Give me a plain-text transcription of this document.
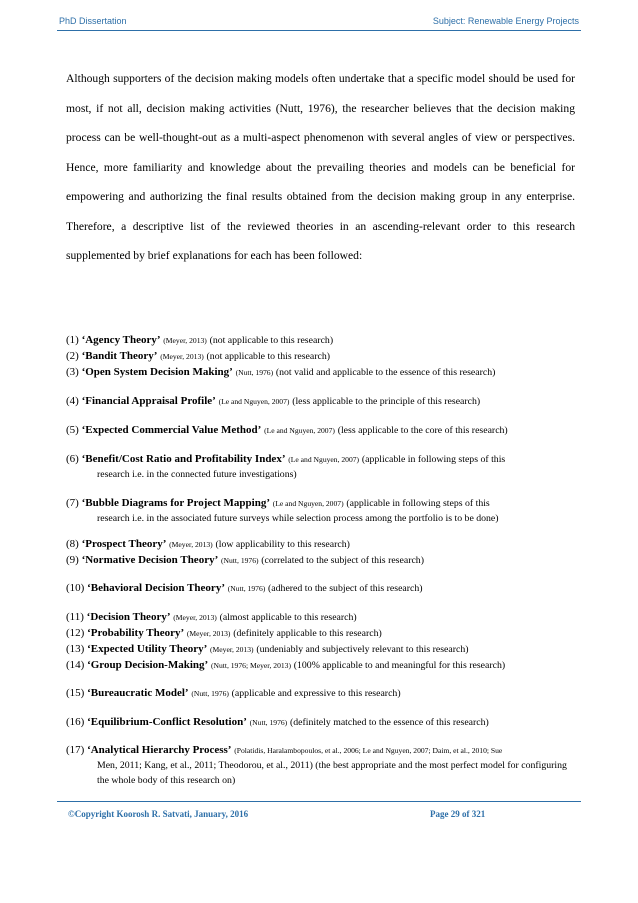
PhD Dissertation	Subject: Renewable Energy Projects

Although supporters of the decision making models often undertake that a specific model should be used for most, if not all, decision making activities (Nutt, 1976), the researcher believes that the decision making process can be well-thought-out as a multi-aspect phenomenon with several angles of view or perspectives. Hence, more familiarity and knowledge about the prevailing theories and models can be beneficial for empowering and authorizing the final results obtained from the decision making group in any enterprise. Therefore, a descriptive list of the reviewed theories in an ascending-relevant order to this research supplemented by brief explanations for each has been followed:

(1) ‘Agency Theory’ (Meyer, 2013) (not applicable to this research)
(2) ‘Bandit Theory’ (Meyer, 2013) (not applicable to this research)
(3) ‘Open System Decision Making’ (Nutt, 1976) (not valid and applicable to the essence of this research)
(4) ‘Financial Appraisal Profile’ (Le and Nguyen, 2007) (less applicable to the principle of this research)
(5) ‘Expected Commercial Value Method’ (Le and Nguyen, 2007) (less applicable to the core of this research)
(6) ‘Benefit/Cost Ratio and Profitability Index’ (Le and Nguyen, 2007) (applicable in following steps of this
research i.e. in the connected future investigations)
(7) ‘Bubble Diagrams for Project Mapping’ (Le and Nguyen, 2007) (applicable in following steps of this
research i.e. in the associated future surveys while selection process among the portfolio is to be done)
(8) ‘Prospect Theory’ (Meyer, 2013) (low applicability to this research)
(9) ‘Normative Decision Theory’ (Nutt, 1976) (correlated to the subject of this research)
(10) ‘Behavioral Decision Theory’ (Nutt, 1976) (adhered to the subject of this research)
(11) ‘Decision Theory’ (Meyer, 2013) (almost applicable to this research)
(12) ‘Probability Theory’ (Meyer, 2013) (definitely applicable to this research)
(13) ‘Expected Utility Theory’ (Meyer, 2013) (undeniably and subjectively relevant to this research)
(14) ‘Group Decision-Making’ (Nutt, 1976; Meyer, 2013) (100% applicable to and meaningful for this research)
(15) ‘Bureaucratic Model’ (Nutt, 1976) (applicable and expressive to this research)
(16) ‘Equilibrium-Conflict Resolution’ (Nutt, 1976) (definitely matched to the essence of this research)
(17) ‘Analytical Hierarchy Process’ (Polatidis, Haralambopoulos, et al., 2006; Le and Nguyen, 2007; Daim, et al., 2010; Sue
Men, 2011; Kang, et al., 2011; Theodorou, et al., 2011) (the best appropriate and the most perfect model for configuring the whole body of this research on)
©Copyright Koorosh R. Satvati, January, 2016	Page 29 of 321
